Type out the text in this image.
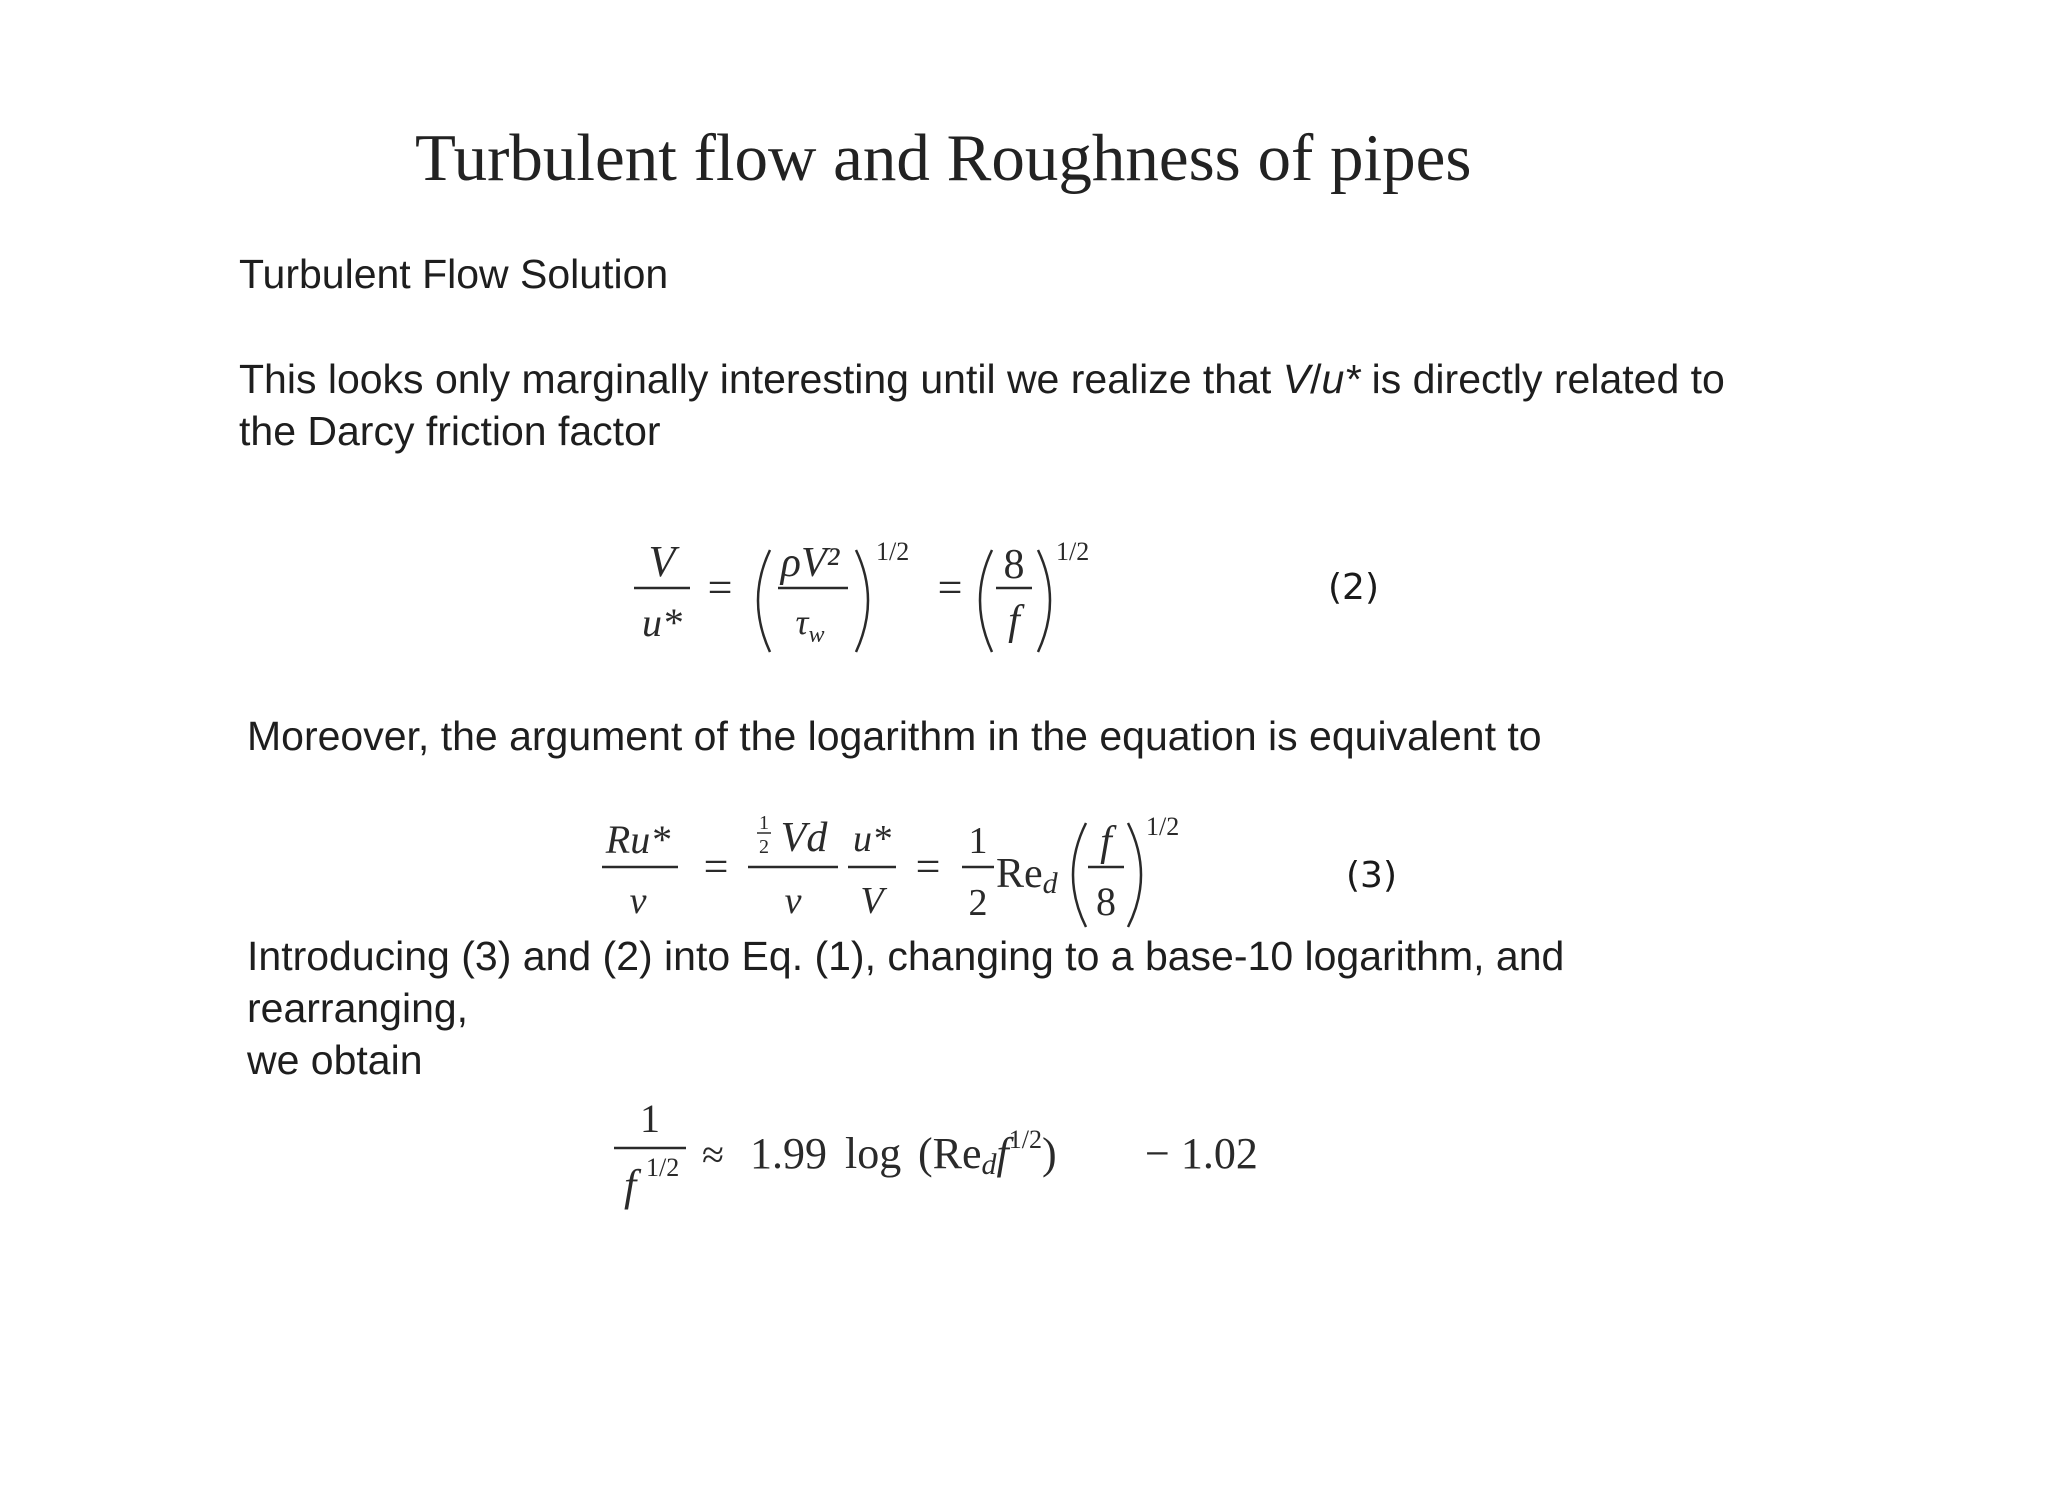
Turbulent flow and Roughness of pipes

Turbulent Flow Solution

This looks only marginally interesting until we realize that V/u* is directly related to

the Darcy friction factor

V
u*
= ρV²
$\tau_w$
1/2
= 8
f
1/2
(2)

Moreover, the argument of the logarithm in the equation is equivalent to

Ru*
ν
=
1
2 Vd
ν
u*
V
=
1
2
Red
f
8
1/2
(3)

Introducing (3) and (2) into Eq. (1), changing to a base-10 logarithm, and

rearranging,

we obtain

1
f 1/2 ≈ 1.99 log (Redf$^{1/2}$) − 1.02
